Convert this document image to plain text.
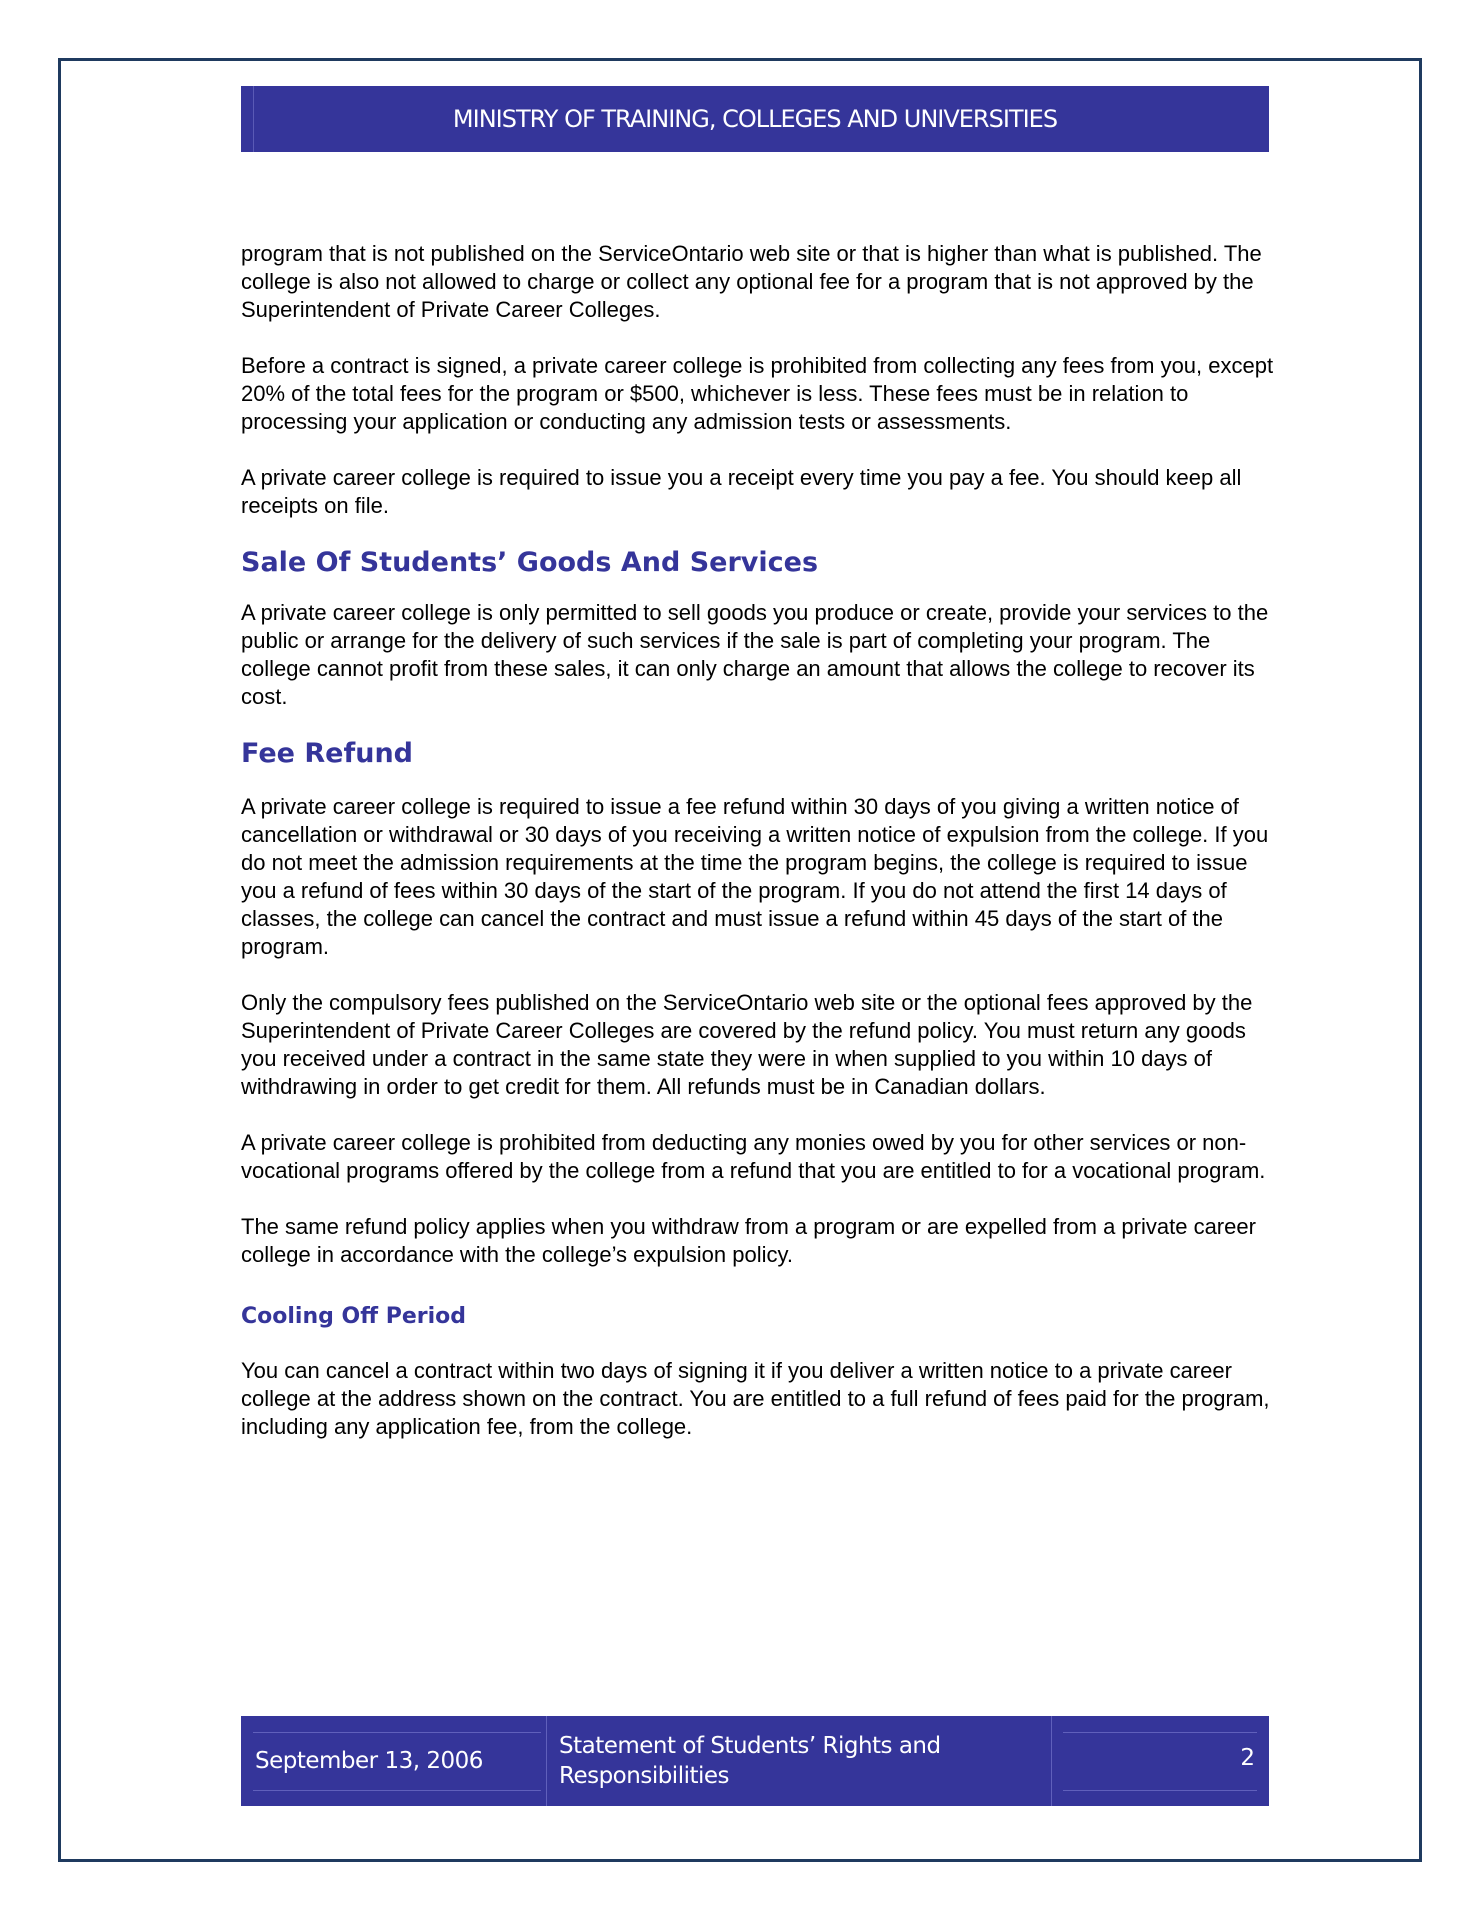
MINISTRY OF TRAINING, COLLEGES AND UNIVERSITIES

program that is not published on the ServiceOntario web site or that is higher than what is published. The college is also not allowed to charge or collect any optional fee for a program that is not approved by the Superintendent of Private Career Colleges.

Before a contract is signed, a private career college is prohibited from collecting any fees from you, except 20% of the total fees for the program or $500, whichever is less. These fees must be in relation to processing your application or conducting any admission tests or assessments.

A private career college is required to issue you a receipt every time you pay a fee. You should keep all receipts on file.

Sale Of Students’ Goods And Services

A private career college is only permitted to sell goods you produce or create, provide your services to the public or arrange for the delivery of such services if the sale is part of completing your program. The college cannot profit from these sales, it can only charge an amount that allows the college to recover its cost.

Fee Refund

A private career college is required to issue a fee refund within 30 days of you giving a written notice of cancellation or withdrawal or 30 days of you receiving a written notice of expulsion from the college. If you do not meet the admission requirements at the time the program begins, the college is required to issue you a refund of fees within 30 days of the start of the program. If you do not attend the first 14 days of classes, the college can cancel the contract and must issue a refund within 45 days of the start of the program.

Only the compulsory fees published on the ServiceOntario web site or the optional fees approved by the Superintendent of Private Career Colleges are covered by the refund policy. You must return any goods you received under a contract in the same state they were in when supplied to you within 10 days of withdrawing in order to get credit for them. All refunds must be in Canadian dollars.

A private career college is prohibited from deducting any monies owed by you for other services or non-vocational programs offered by the college from a refund that you are entitled to for a vocational program.

The same refund policy applies when you withdraw from a program or are expelled from a private career college in accordance with the college’s expulsion policy.

Cooling Off Period

You can cancel a contract within two days of signing it if you deliver a written notice to a private career college at the address shown on the contract. You are entitled to a full refund of fees paid for the program, including any application fee, from the college.

September 13, 2006
Statement of Students’ Rights and Responsibilities
2
